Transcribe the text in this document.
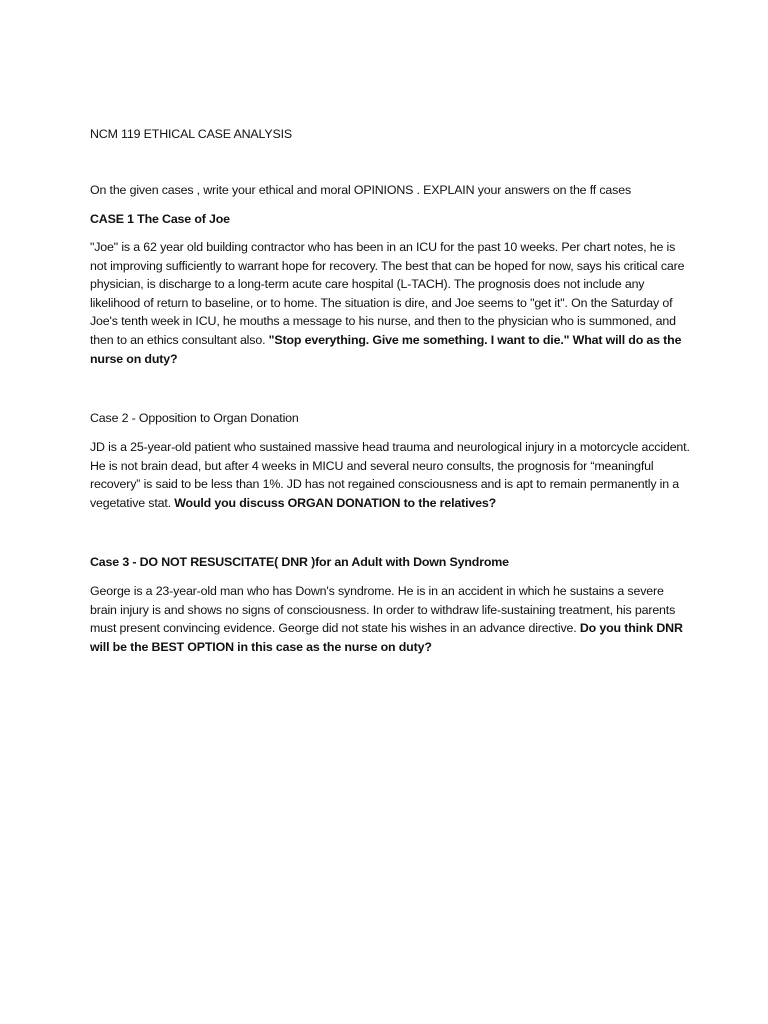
NCM 119 ETHICAL CASE ANALYSIS

On the given cases , write your ethical and moral OPINIONS . EXPLAIN your answers on the ff cases

CASE 1 The Case of Joe

"Joe" is a 62 year old building contractor who has been in an ICU for the past 10 weeks. Per chart notes, he is not improving sufficiently to warrant hope for recovery. The best that can be hoped for now, says his critical care physician, is discharge to a long-term acute care hospital (L-TACH). The prognosis does not include any likelihood of return to baseline, or to home. The situation is dire, and Joe seems to "get it". On the Saturday of Joe's tenth week in ICU, he mouths a message to his nurse, and then to the physician who is summoned, and then to an ethics consultant also. "Stop everything. Give me something. I want to die." What will do as the nurse on duty?

Case 2 - Opposition to Organ Donation

JD is a 25-year-old patient who sustained massive head trauma and neurological injury in a motorcycle accident. He is not brain dead, but after 4 weeks in MICU and several neuro consults, the prognosis for “meaningful recovery” is said to be less than 1%. JD has not regained consciousness and is apt to remain permanently in a vegetative stat. Would you discuss ORGAN DONATION to the relatives?

Case 3 - DO NOT RESUSCITATE( DNR )for an Adult with Down Syndrome

George is a 23-year-old man who has Down's syndrome. He is in an accident in which he sustains a severe brain injury is and shows no signs of consciousness. In order to withdraw life-sustaining treatment, his parents must present convincing evidence. George did not state his wishes in an advance directive. Do you think DNR will be the BEST OPTION in this case as the nurse on duty?
